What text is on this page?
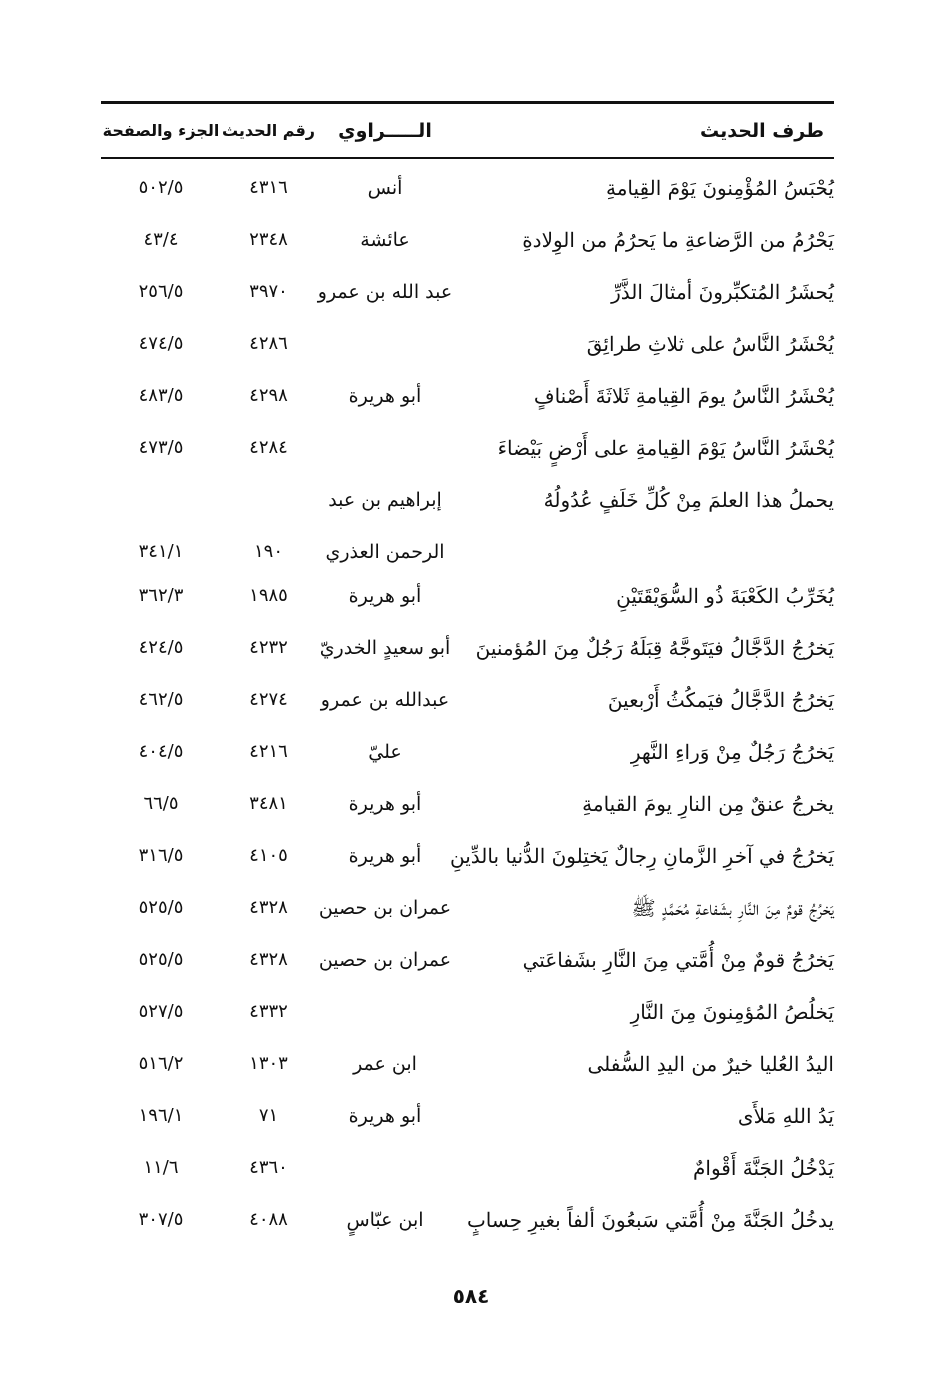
طرف الحديث
الـــــراوي
رقم الحديث
الجزء والصفحة
يُحْبَسُ المُؤْمِنونَ يَوْمَ القِيامةِ
أنس
٤٣١٦
٥٠٢/٥
يَحْرُمُ من الرَّضاعةِ ما يَحرُمُ من الوِلادةِ
عائشة
٢٣٤٨
٤٣/٤
يُحشَرُ المُتكبِّرونَ أمثالَ الذَّرِّ
عبد الله بن عمرو
٣٩٧٠
٢٥٦/٥
يُحْشَرُ النَّاسُ على ثلاثِ طرائِقَ
٤٢٨٦
٤٧٤/٥
يُحْشَرُ النَّاسُ يومَ القِيامةِ ثَلاثَةَ أَصْنافٍ
أبو هريرة
٤٢٩٨
٤٨٣/٥
يُحْشَرُ النَّاسُ يَوْمَ القِيامةِ على أَرْضٍ بَيْضاءَ
٤٢٨٤
٤٧٣/٥
يحملُ هذا العلمَ مِنْ كُلِّ خَلَفٍ عُدُولُهُ
إبراهيم بن عبد
الرحمن العذري
١٩٠
٣٤١/١
يُخَرِّبُ الكَعْبَةَ ذُو السُّوَيْقَتَيْنِ
أبو هريرة
١٩٨٥
٣٦٢/٣
يَخرُجُ الدَّجَّالُ فيَتَوجَّهُ قِبَلَهُ رَجُلٌ مِنَ المُؤمنينَ
أبو سعيدٍ الخدريّ
٤٢٣٢
٤٢٤/٥
يَخرُجُ الدَّجَّالُ فيَمكُثُ أَرْبعينَ
عبدالله بن عمرو
٤٢٧٤
٤٦٢/٥
يَخرُجُ رَجُلٌ مِنْ وَراءِ النَّهرِ
عليّ
٤٢١٦
٤٠٤/٥
يخرجُ عنقٌ مِن النارِ يومَ القيامةِ
أبو هريرة
٣٤٨١
٦٦/٥
يَخرُجُ في آخرِ الزَّمانِ رِجالٌ يَختِلونَ الدُّنيا بالدِّينِ
أبو هريرة
٤١٠٥
٣١٦/٥
يَخرُجُ قومٌ مِنَ النَّارِ بشَفاعةِ مُحَمَّدٍ ﷺ
عمران بن حصين
٤٣٢٨
٥٢٥/٥
يَخرُجُ قومٌ مِنْ أُمَّتي مِنَ النَّارِ بشَفاعَتي
عمران بن حصين
٤٣٢٨
٥٢٥/٥
يَخلُصُ المُؤمِنونَ مِنَ النَّارِ
٤٣٣٢
٥٢٧/٥
اليدُ العُليا خيرٌ من اليدِ السُّفلى
ابن عمر
١٣٠٣
٥١٦/٢
يَدُ اللهِ مَلأَى
أبو هريرة
٧١
١٩٦/١
يَدْخُلُ الجَنَّةَ أَقْوامٌ
٤٣٦٠
١١/٦
يدخُلُ الجَنَّةَ مِنْ أُمَّتي سَبعُونَ ألفاً بغيرِ حِسابٍ
ابن عبّاسٍ
٤٠٨٨
٣٠٧/٥
٥٨٤
